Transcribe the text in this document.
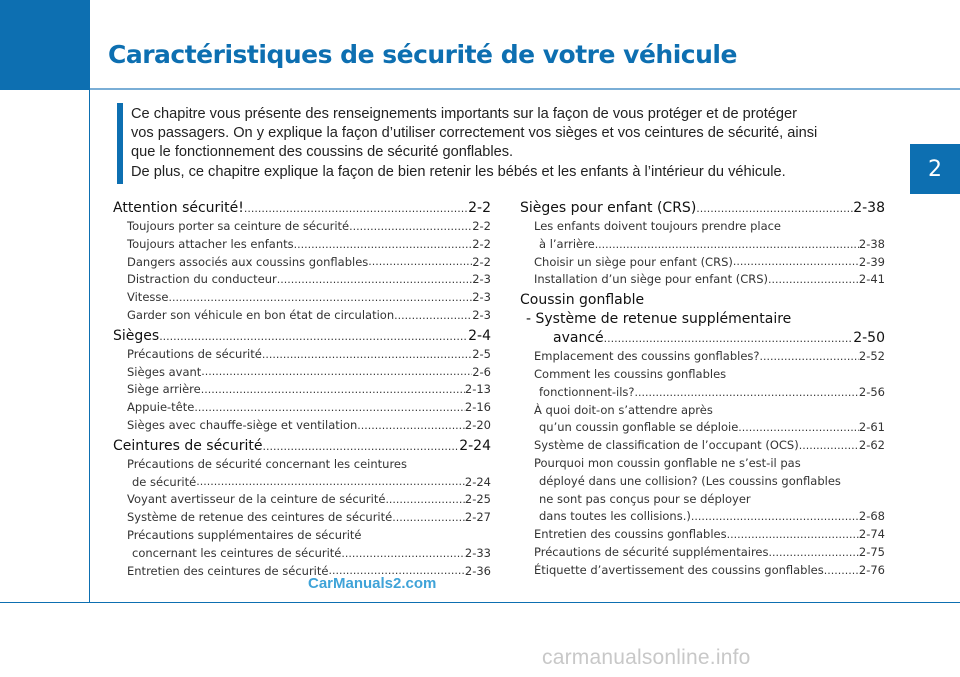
Caractéristiques de sécurité de votre véhicule
2

Ce chapitre vous présente des renseignements importants sur la façon de vous protéger et de protéger
vos passagers. On y explique la façon d’utiliser correctement vos sièges et vos ceintures de sécurité, ainsi
que le fonctionnement des coussins de sécurité gonflables.
De plus, ce chapitre explique la façon de bien retenir les bébés et les enfants à l’intérieur du véhicule.

Attention sécurité! .....	2-2
Toujours porter sa ceinture de sécurité .....	2-2
Toujours attacher les enfants .....	2-2
Dangers associés aux coussins gonflables .....	2-2
Distraction du conducteur .....	2-3
Vitesse .....	2-3
Garder son véhicule en bon état de circulation .....	2-3
Sièges .....	2-4
Précautions de sécurité .....	2-5
Sièges avant .....	2-6
Siège arrière .....	2-13
Appuie-tête .....	2-16
Sièges avec chauffe-siège et ventilation .....	2-20
Ceintures de sécurité .....	2-24
Précautions de sécurité concernant les ceintures
de sécurité .....	2-24
Voyant avertisseur de la ceinture de sécurité .....	2-25
Système de retenue des ceintures de sécurité .....	2-27
Précautions supplémentaires de sécurité
concernant les ceintures de sécurité .....	2-33
Entretien des ceintures de sécurité .....	2-36
Sièges pour enfant (CRS) .....	2-38
Les enfants doivent toujours prendre place
à l’arrière .....	2-38
Choisir un siège pour enfant (CRS) .....	2-39
Installation d’un siège pour enfant (CRS) .....	2-41
Coussin gonflable
- Système de retenue supplémentaire
avancé .....	2-50
Emplacement des coussins gonflables? .....	2-52
Comment les coussins gonflables
fonctionnent-ils? .....	2-56
À quoi doit-on s’attendre après
qu’un coussin gonflable se déploie .....	2-61
Système de classification de l’occupant (OCS) .....	2-62
Pourquoi mon coussin gonflable ne s’est-il pas
déployé dans une collision? (Les coussins gonflables
ne sont pas conçus pour se déployer
dans toutes les collisions.) .....	2-68
Entretien des coussins gonflables .....	2-74
Précautions de sécurité supplémentaires .....	2-75
Étiquette d’avertissement des coussins gonflables .....	2-76
CarManuals2.com
carmanualsonline.info
